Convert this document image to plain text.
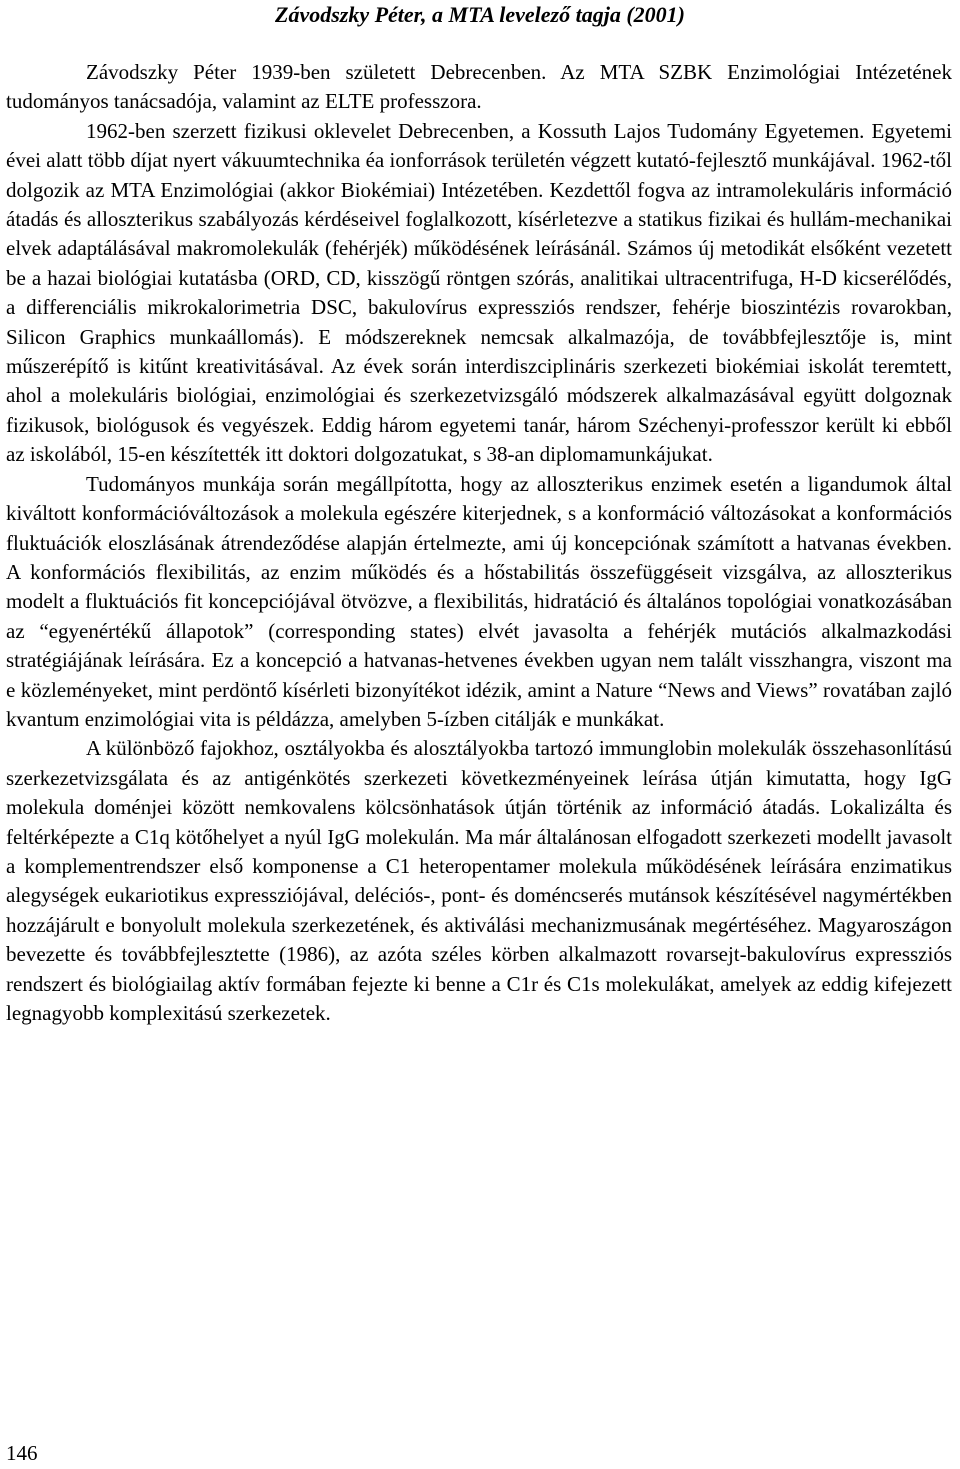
Závodszky Péter, a MTA levelező tagja (2001)

Závodszky Péter 1939-ben született Debrecenben. Az MTA SZBK Enzimológiai Intézetének tudományos tanácsadója, valamint az ELTE professzora.

1962-ben szerzett fizikusi oklevelet Debrecenben, a Kossuth Lajos Tudomány Egyetemen. Egyetemi évei alatt több díjat nyert vákuumtechnika éa ionforrások területén végzett kutató-fejlesztő munkájával. 1962-től dolgozik az MTA Enzimológiai (akkor Biokémiai) Intézetében. Kezdettől fogva az intramolekuláris információ átadás és alloszterikus szabályozás kérdéseivel foglalkozott, kísérletezve a statikus fizikai és hullám-mechanikai elvek adaptálásával makromolekulák (fehérjék) működésének leírásánál. Számos új metodikát elsőként vezetett be a hazai biológiai kutatásba (ORD, CD, kisszögű röntgen szórás, analitikai ultracentrifuga, H-D kicserélődés, a differenciális mikrokalorimetria DSC, bakulovírus expressziós rendszer, fehérje bioszintézis rovarokban, Silicon Graphics munkaállomás). E módszereknek nemcsak alkalmazója, de továbbfejlesztője is, mint műszerépítő is kitűnt kreativitásával. Az évek során interdiszciplináris szerkezeti biokémiai iskolát teremtett, ahol a molekuláris biológiai, enzimológiai és szerkezetvizsgáló módszerek alkalmazásával együtt dolgoznak fizikusok, biológusok és vegyészek. Eddig három egyetemi tanár, három Széchenyi-professzor került ki ebből az iskolából, 15-en készítették itt doktori dolgozatukat, s 38-an diplomamunkájukat.

Tudományos munkája során megállpította, hogy az alloszterikus enzimek esetén a ligandumok által kiváltott konformációváltozások a molekula egészére kiterjednek, s a konformáció változásokat a konformációs fluktuációk eloszlásának átrendeződése alapján értelmezte, ami új koncepciónak számított a hatvanas években. A konformációs flexibilitás, az enzim működés és a hőstabilitás összefüggéseit vizsgálva, az alloszterikus modelt a fluktuációs fit koncepciójával ötvözve, a flexibilitás, hidratáció és általános topológiai vonatkozásában az “egyenértékű állapotok” (corresponding states) elvét javasolta a fehérjék mutációs alkalmazkodási stratégiájának leírására. Ez a koncepció a hatvanas-hetvenes években ugyan nem talált visszhangra, viszont ma e közleményeket, mint perdöntő kísérleti bizonyítékot idézik, amint a Nature “News and Views” rovatában zajló kvantum enzimológiai vita is példázza, amelyben 5-ízben citálják e munkákat.

A különböző fajokhoz, osztályokba és alosztályokba tartozó immunglobin molekulák összehasonlítású szerkezetvizsgálata és az antigénkötés szerkezeti következményeinek leírása útján kimutatta, hogy IgG molekula doménjei között nemkovalens kölcsönhatások útján történik az információ átadás. Lokalizálta és feltérképezte a C1q kötőhelyet a nyúl IgG molekulán. Ma már általánosan elfogadott szerkezeti modellt javasolt a komplementrendszer első komponense a C1 heteropentamer molekula működésének leírására enzimatikus alegységek eukariotikus expressziójával, deléciós-, pont- és doméncserés mutánsok készítésével nagymértékben hozzájárult e bonyolult molekula szerkezetének, és aktiválási mechanizmusának megértéséhez. Magyaroszágon bevezette és továbbfejlesztette (1986), az azóta széles körben alkalmazott rovarsejt-bakulovírus expressziós rendszert és biológiailag aktív formában fejezte ki benne a C1r és C1s molekulákat, amelyek az eddig kifejezett legnagyobb komplexitású szerkezetek.

146
